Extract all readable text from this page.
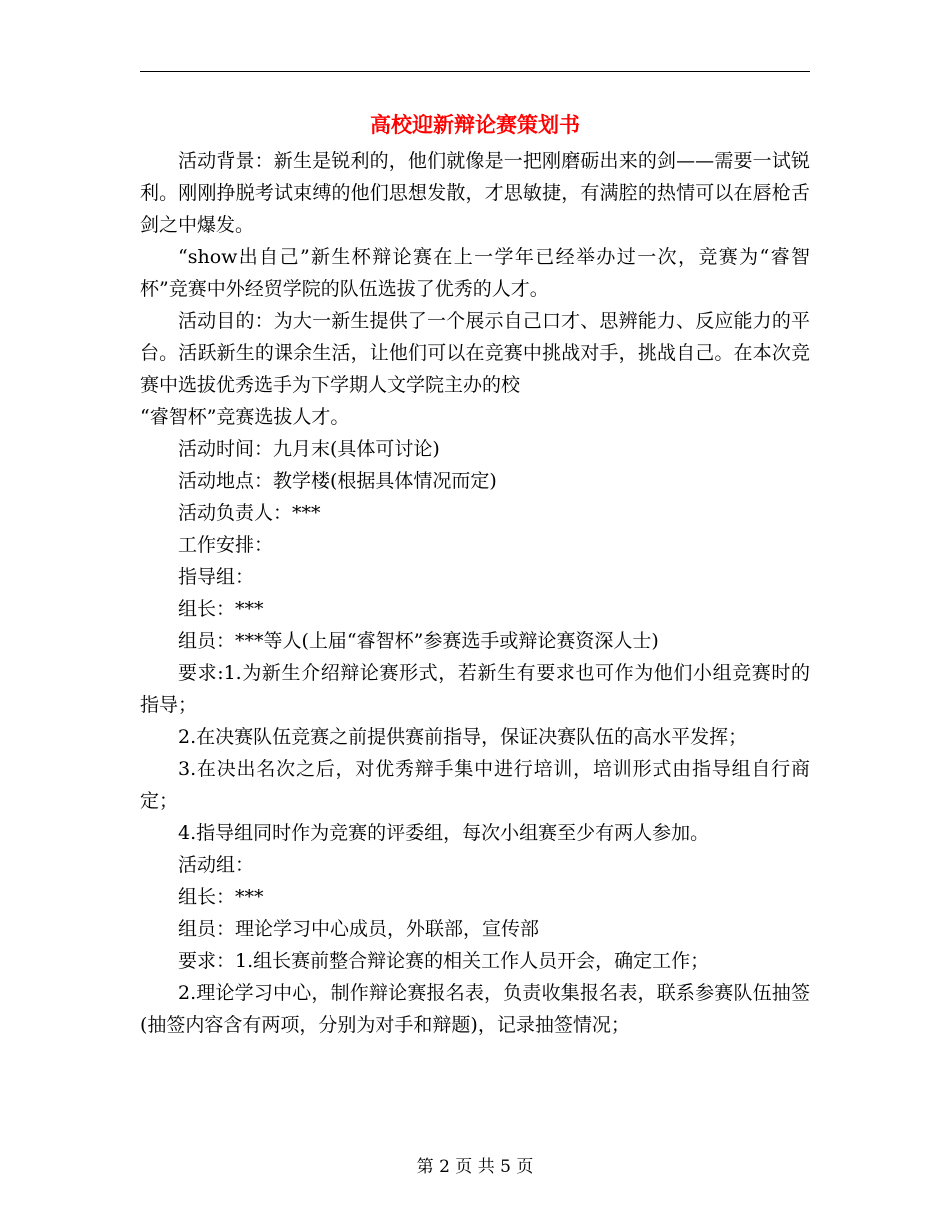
高校迎新辩论赛策划书

活动背景：新生是锐利的，他们就像是一把刚磨砺出来的剑——需要一试锐利。刚刚挣脱考试束缚的他们思想发散，才思敏捷，有满腔的热情可以在唇枪舌剑之中爆发。

“show出自己”新生杯辩论赛在上一学年已经举办过一次，竞赛为“睿智杯”竞赛中外经贸学院的队伍选拔了优秀的人才。

活动目的：为大一新生提供了一个展示自己口才、思辨能力、反应能力的平台。活跃新生的课余生活，让他们可以在竞赛中挑战对手，挑战自己。在本次竞赛中选拔优秀选手为下学期人文学院主办的校

“睿智杯”竞赛选拔人才。

活动时间：九月末(具体可讨论)

活动地点：教学楼(根据具体情况而定)

活动负责人：***

工作安排：

指导组：

组长：***

组员：***等人(上届“睿智杯”参赛选手或辩论赛资深人士)

要求:1.为新生介绍辩论赛形式，若新生有要求也可作为他们小组竞赛时的指导；

2.在决赛队伍竞赛之前提供赛前指导，保证决赛队伍的高水平发挥；

3.在决出名次之后，对优秀辩手集中进行培训，培训形式由指导组自行商定；

4.指导组同时作为竞赛的评委组，每次小组赛至少有两人参加。

活动组：

组长：***

组员：理论学习中心成员，外联部，宣传部

要求：1.组长赛前整合辩论赛的相关工作人员开会，确定工作；

2.理论学习中心，制作辩论赛报名表，负责收集报名表，联系参赛队伍抽签(抽签内容含有两项，分别为对手和辩题)，记录抽签情况；

第 2 页 共 5 页
